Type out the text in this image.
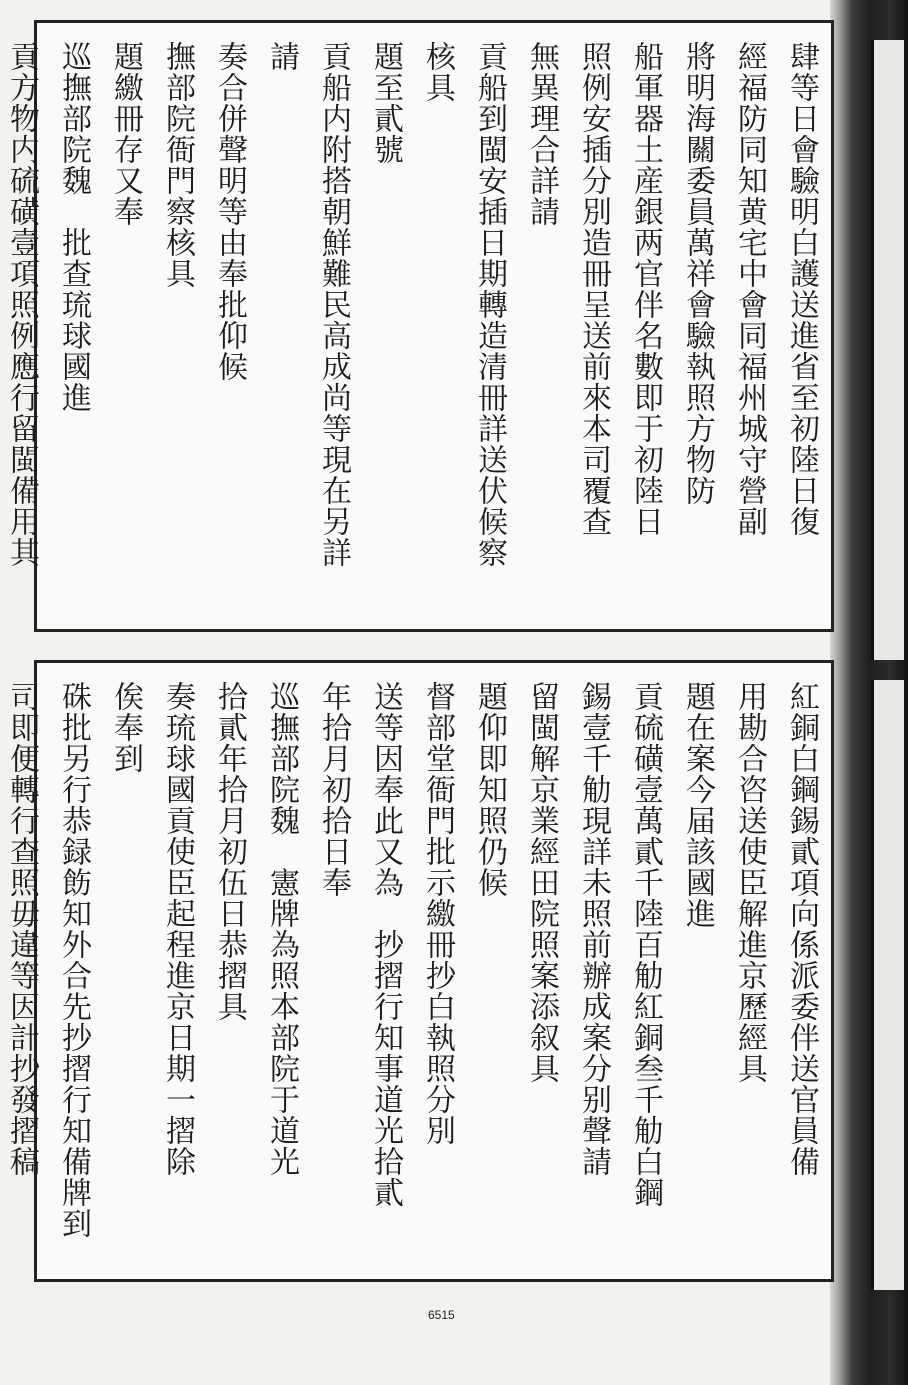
肆等日會驗明白護送進省至初陸日復
經福防同知黄宅中會同福州城守營副
將明海關委員萬祥會驗執照方物防
船軍器土産銀两官伴名數即于初陸日
照例安插分別造冊呈送前來本司覆查
無異理合詳請
貢船到閩安插日期轉造清冊詳送伏候察
核具
題至貳號
貢船内附搭朝鮮難民高成尚等現在另詳
請
奏合併聲明等由奉批仰候
撫部院衙門察核具
題繳冊存又奉
巡撫部院魏　批查琉球國進
貢方物内硫磺壹項照例應行留閩備用其
紅銅白鋼錫貳項向係派委伴送官員備
用勘合咨送使臣解進京歷經具
題在案今届該國進
貢硫磺壹萬貳千陸百觔紅銅叁千觔白鋼
錫壹千觔現詳未照前辦成案分别聲請
留閩解京業經田院照案添叙具
題仰即知照仍候
督部堂衙門批示繳冊抄白執照分別
送等因奉此又為　抄摺行知事道光拾貳
年拾月初拾日奉
巡撫部院魏　憲牌為照本部院于道光
拾貳年拾月初伍日恭摺具
奏琉球國貢使臣起程進京日期一摺除
俟奉到
硃批另行恭録飭知外合先抄摺行知備牌到
司即便轉行查照毋違等因計抄發摺稿
6515
